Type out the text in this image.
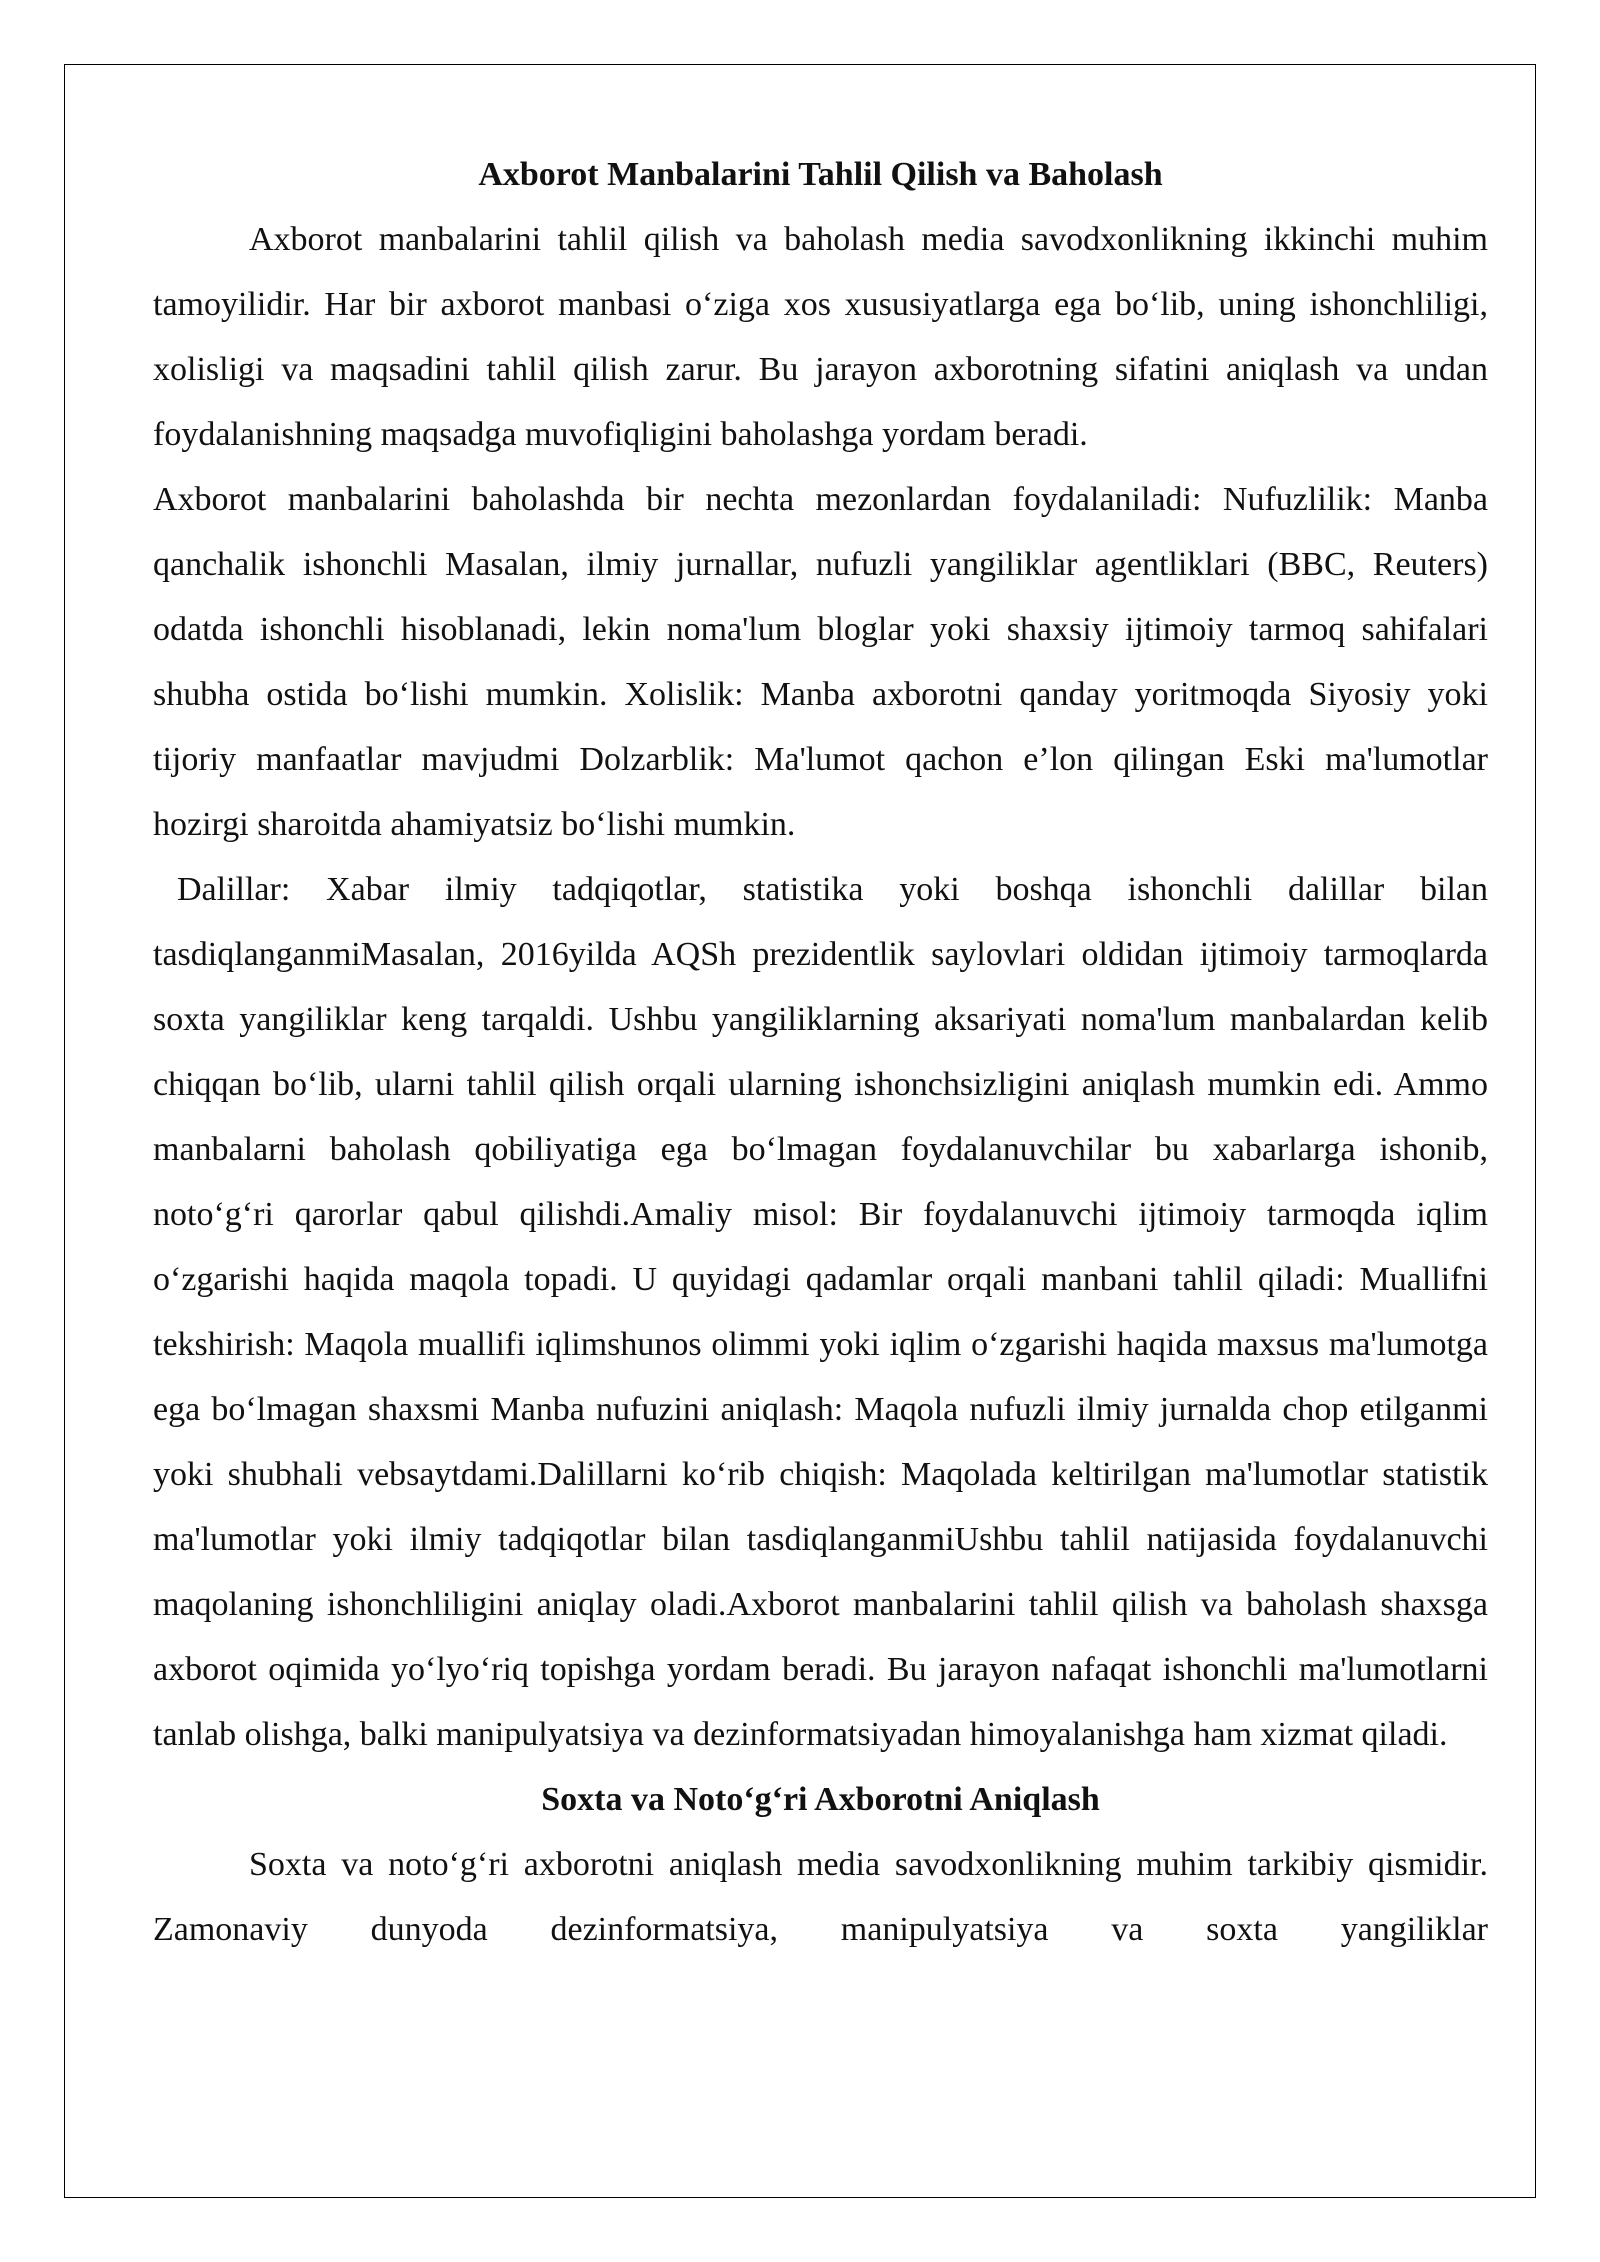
Axborot Manbalarini Tahlil Qilish va Baholash

Axborot manbalarini tahlil qilish va baholash media savodxonlikning ikkinchi muhim tamoyilidir. Har bir axborot manbasi o‘ziga xos xususiyatlarga ega bo‘lib, uning ishonchliligi, xolisligi va maqsadini tahlil qilish zarur. Bu jarayon axborotning sifatini aniqlash va undan foydalanishning maqsadga muvofiqligini baholashga yordam beradi.

Axborot manbalarini baholashda bir nechta mezonlardan foydalaniladi: Nufuzlilik: Manba qanchalik ishonchli Masalan, ilmiy jurnallar, nufuzli yangiliklar agentliklari (BBC, Reuters) odatda ishonchli hisoblanadi, lekin noma'lum bloglar yoki shaxsiy ijtimoiy tarmoq sahifalari shubha ostida bo‘lishi mumkin. Xolislik: Manba axborotni qanday yoritmoqda Siyosiy yoki tijoriy manfaatlar mavjudmi Dolzarblik: Ma'lumot qachon e’lon qilingan Eski ma'lumotlar hozirgi sharoitda ahamiyatsiz bo‘lishi mumkin.

Dalillar: Xabar ilmiy tadqiqotlar, statistika yoki boshqa ishonchli dalillar bilan tasdiqlanganmiMasalan, 2016yilda AQSh prezidentlik saylovlari oldidan ijtimoiy tarmoqlarda soxta yangiliklar keng tarqaldi. Ushbu yangiliklarning aksariyati noma'lum manbalardan kelib chiqqan bo‘lib, ularni tahlil qilish orqali ularning ishonchsizligini aniqlash mumkin edi. Ammo manbalarni baholash qobiliyatiga ega bo‘lmagan foydalanuvchilar bu xabarlarga ishonib, noto‘g‘ri qarorlar qabul qilishdi.Amaliy misol: Bir foydalanuvchi ijtimoiy tarmoqda iqlim o‘zgarishi haqida maqola topadi. U quyidagi qadamlar orqali manbani tahlil qiladi: Muallifni tekshirish: Maqola muallifi iqlimshunos olimmi yoki iqlim o‘zgarishi haqida maxsus ma'lumotga ega bo‘lmagan shaxsmi Manba nufuzini aniqlash: Maqola nufuzli ilmiy jurnalda chop etilganmi yoki shubhali vebsaytdami.Dalillarni ko‘rib chiqish: Maqolada keltirilgan ma'lumotlar statistik ma'lumotlar yoki ilmiy tadqiqotlar bilan tasdiqlanganmiUshbu tahlil natijasida foydalanuvchi maqolaning ishonchliligini aniqlay oladi.Axborot manbalarini tahlil qilish va baholash shaxsga axborot oqimida yo‘lyo‘riq topishga yordam beradi. Bu jarayon nafaqat ishonchli ma'lumotlarni tanlab olishga, balki manipulyatsiya va dezinformatsiyadan himoyalanishga ham xizmat qiladi.

Soxta va Noto‘g‘ri Axborotni Aniqlash

Soxta va noto‘g‘ri axborotni aniqlash media savodxonlikning muhim tarkibiy qismidir. Zamonaviy dunyoda dezinformatsiya, manipulyatsiya va soxta yangiliklar
